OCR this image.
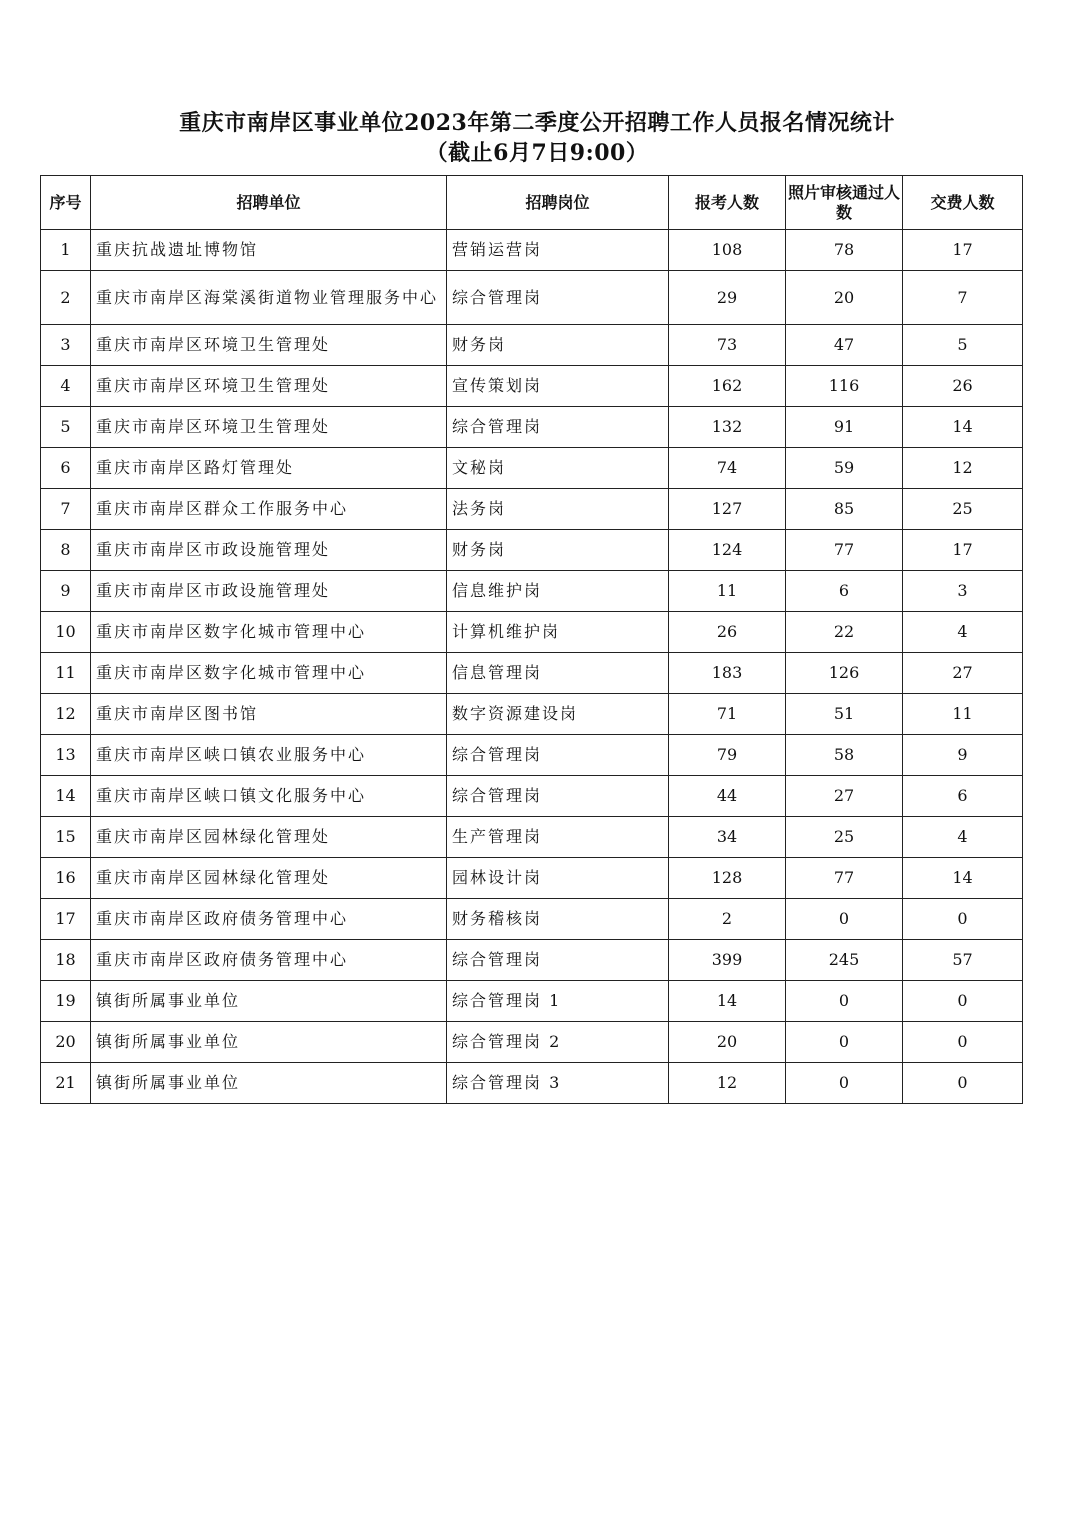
重庆市南岸区事业单位2023年第二季度公开招聘工作人员报名情况统计
（截止6月7日9:00）
序号	招聘单位	招聘岗位	报考人数	照片审核通过人数	交费人数
1	重庆抗战遗址博物馆	营销运营岗	108	78	17
2	重庆市南岸区海棠溪街道物业管理服务中心	综合管理岗	29	20	7
3	重庆市南岸区环境卫生管理处	财务岗	73	47	5
4	重庆市南岸区环境卫生管理处	宣传策划岗	162	116	26
5	重庆市南岸区环境卫生管理处	综合管理岗	132	91	14
6	重庆市南岸区路灯管理处	文秘岗	74	59	12
7	重庆市南岸区群众工作服务中心	法务岗	127	85	25
8	重庆市南岸区市政设施管理处	财务岗	124	77	17
9	重庆市南岸区市政设施管理处	信息维护岗	11	6	3
10	重庆市南岸区数字化城市管理中心	计算机维护岗	26	22	4
11	重庆市南岸区数字化城市管理中心	信息管理岗	183	126	27
12	重庆市南岸区图书馆	数字资源建设岗	71	51	11
13	重庆市南岸区峡口镇农业服务中心	综合管理岗	79	58	9
14	重庆市南岸区峡口镇文化服务中心	综合管理岗	44	27	6
15	重庆市南岸区园林绿化管理处	生产管理岗	34	25	4
16	重庆市南岸区园林绿化管理处	园林设计岗	128	77	14
17	重庆市南岸区政府债务管理中心	财务稽核岗	2	0	0
18	重庆市南岸区政府债务管理中心	综合管理岗	399	245	57
19	镇街所属事业单位	综合管理岗 1	14	0	0
20	镇街所属事业单位	综合管理岗 2	20	0	0
21	镇街所属事业单位	综合管理岗 3	12	0	0
